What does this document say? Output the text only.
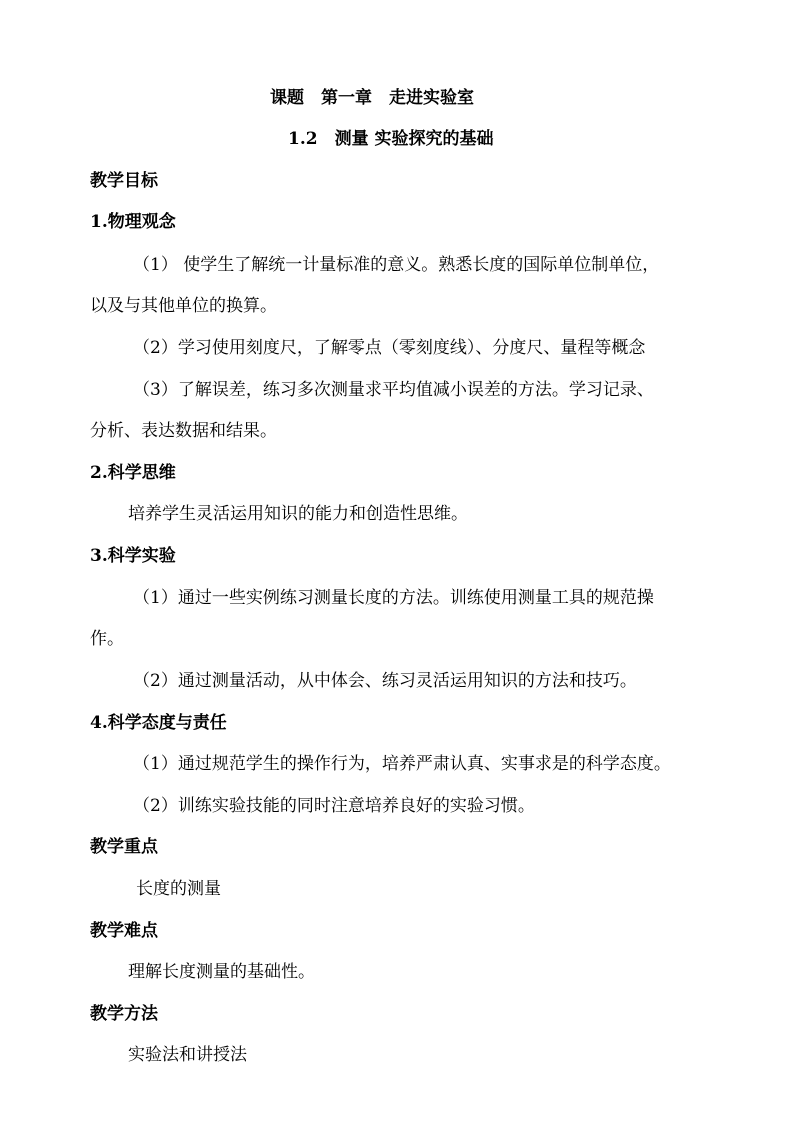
课题　第一章　走进实验室
1.2　测量 实验探究的基础
教学目标
1.物理观念
（1） 使学生了解统一计量标准的意义。熟悉长度的国际单位制单位，
以及与其他单位的换算。
（2）学习使用刻度尺，了解零点（零刻度线）、分度尺、量程等概念
（3）了解误差，练习多次测量求平均值减小误差的方法。学习记录、
分析、表达数据和结果。
2.科学思维
培养学生灵活运用知识的能力和创造性思维。
3.科学实验
（1）通过一些实例练习测量长度的方法。训练使用测量工具的规范操
作。
（2）通过测量活动，从中体会、练习灵活运用知识的方法和技巧。
4.科学态度与责任
（1）通过规范学生的操作行为，培养严肃认真、实事求是的科学态度。
（2）训练实验技能的同时注意培养良好的实验习惯。
教学重点
长度的测量
教学难点
理解长度测量的基础性。
教学方法
实验法和讲授法
